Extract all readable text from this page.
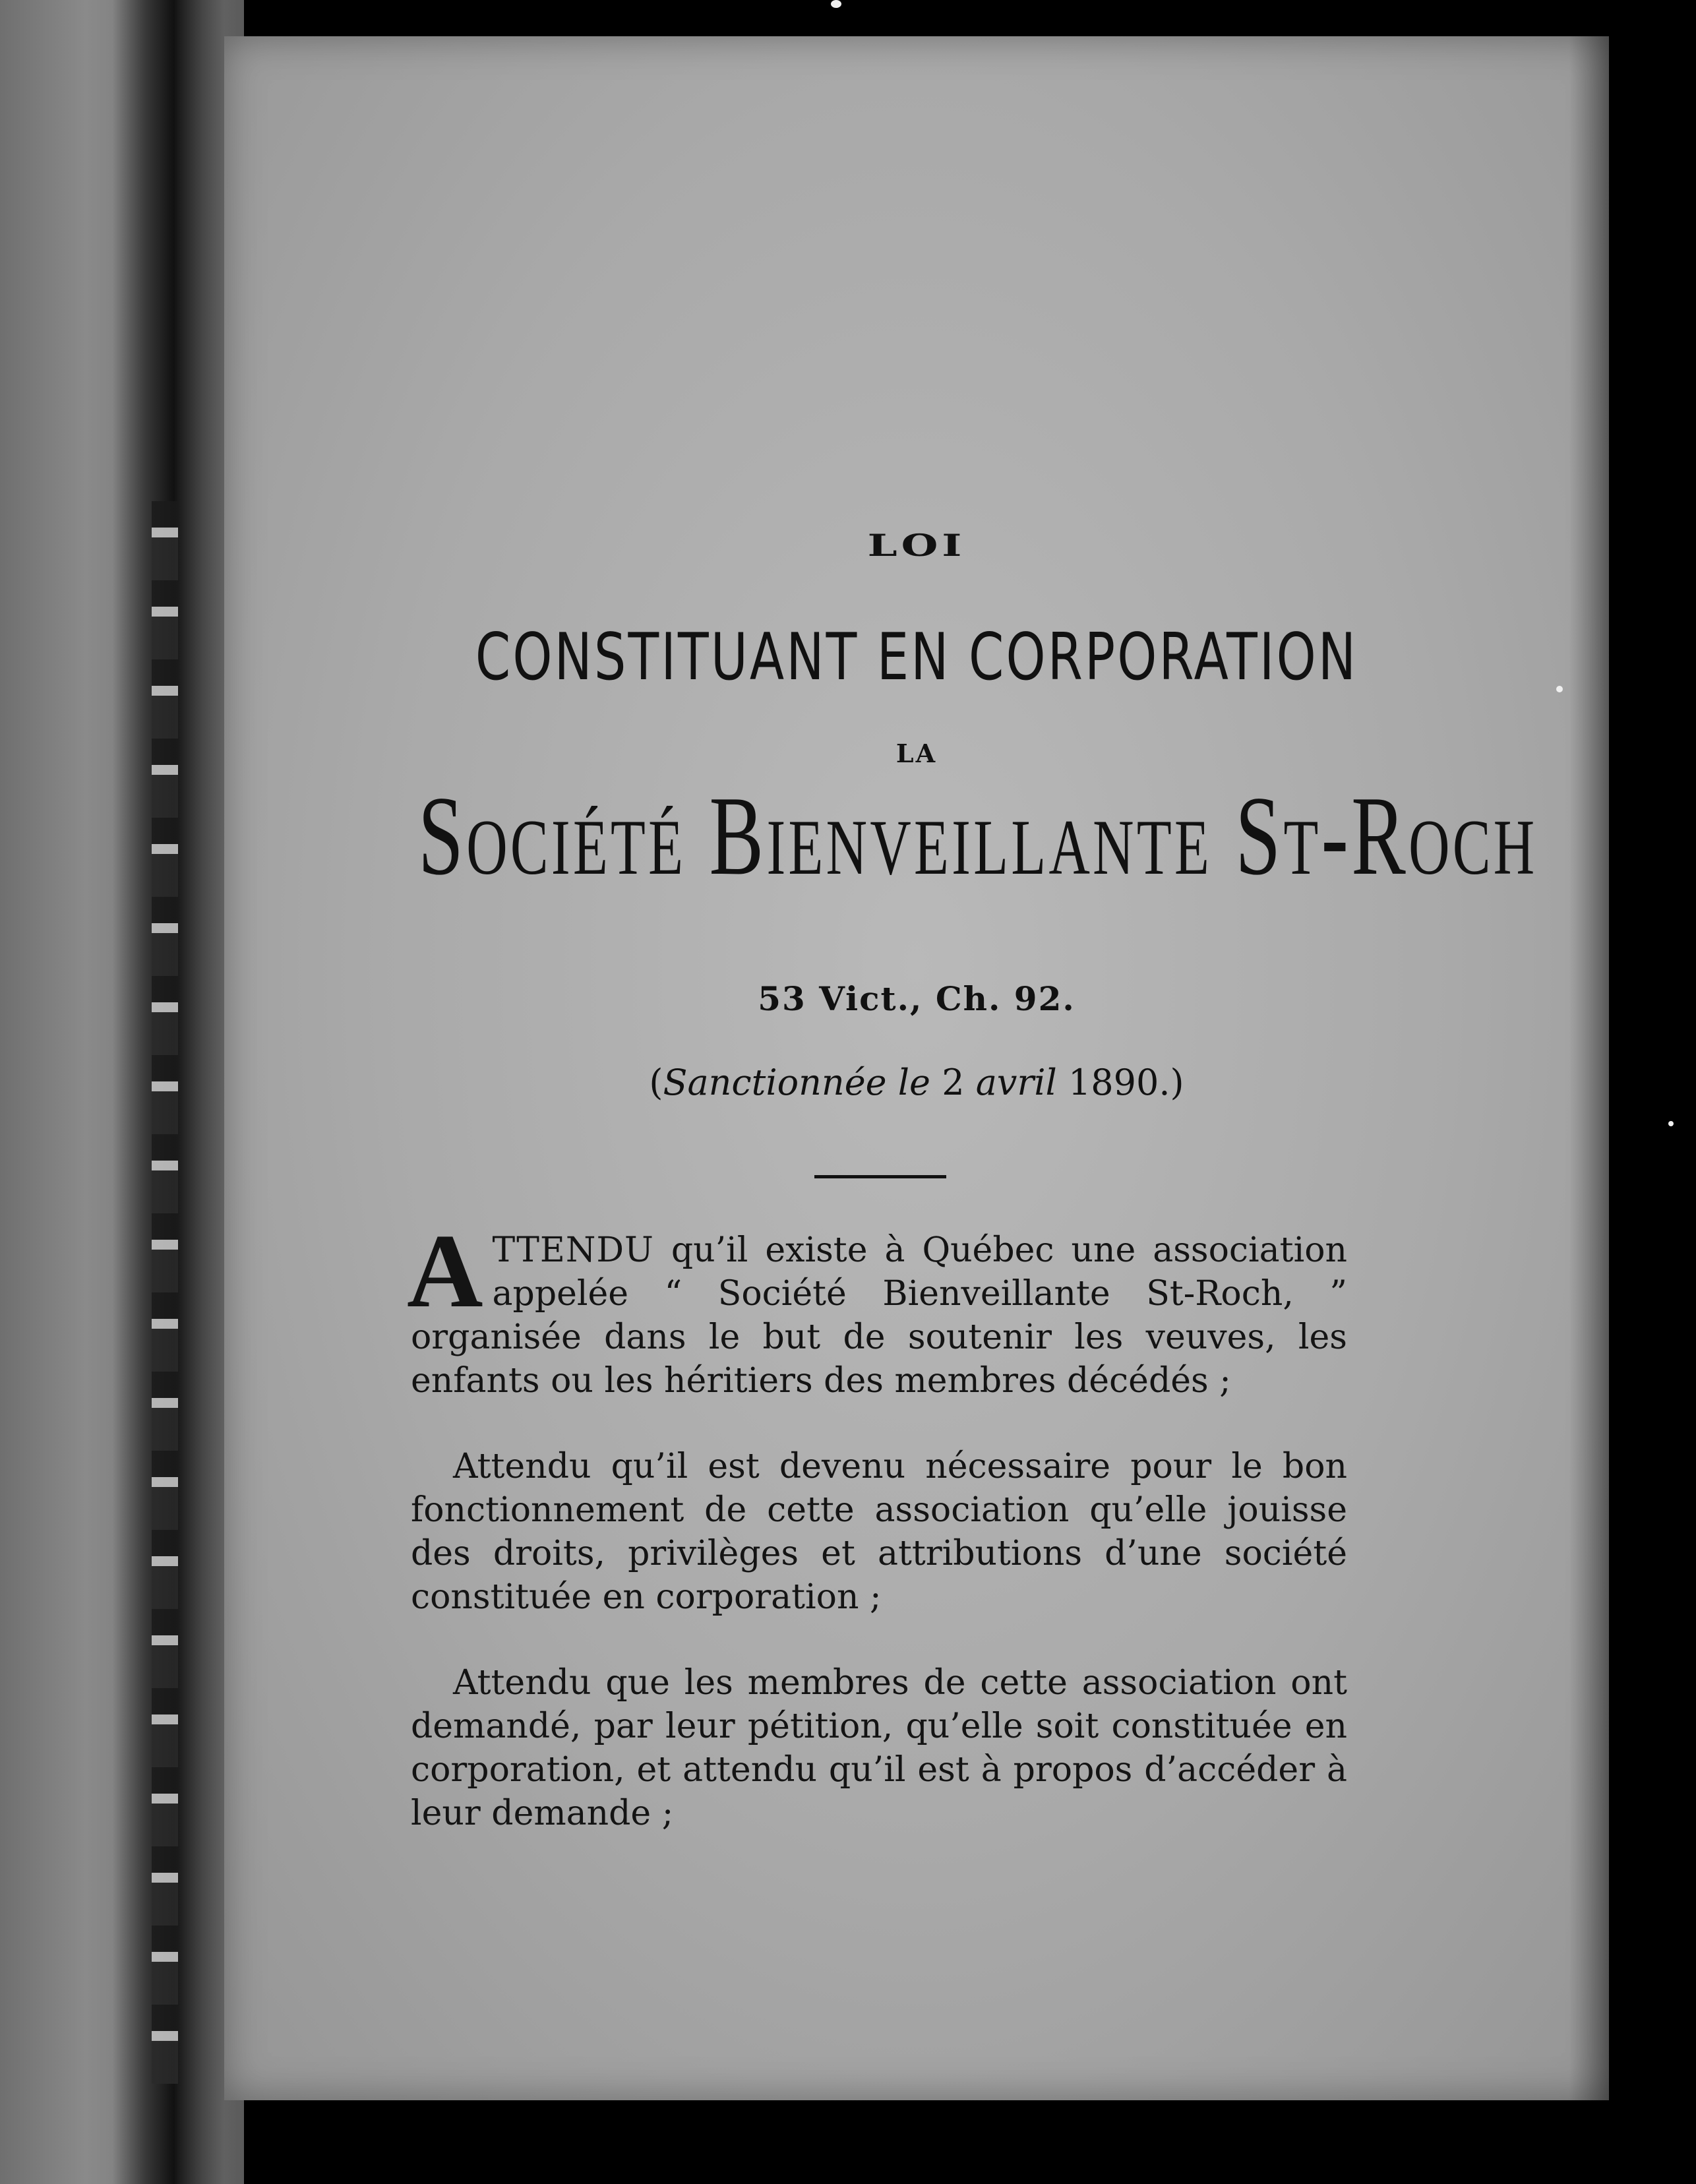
LOI
CONSTITUANT EN CORPORATION
LA
Société Bienveillante St-Roch
53 Vict., Ch. 92.
(Sanctionnée le 2 avril 1890.)

ATTENDU qu’il existe à Québec une association appelée “ Société Bienveillante St-Roch, ” organisée dans le but de soutenir les veuves, les enfants ou les héritiers des membres décédés ;

Attendu qu’il est devenu nécessaire pour le bon fonctionnement de cette association qu’elle jouisse des droits, privilèges et attributions d’une société constituée en corporation ;

Attendu que les membres de cette association ont demandé, par leur pétition, qu’elle soit constituée en corporation, et attendu qu’il est à propos d’accéder à leur demande ;
